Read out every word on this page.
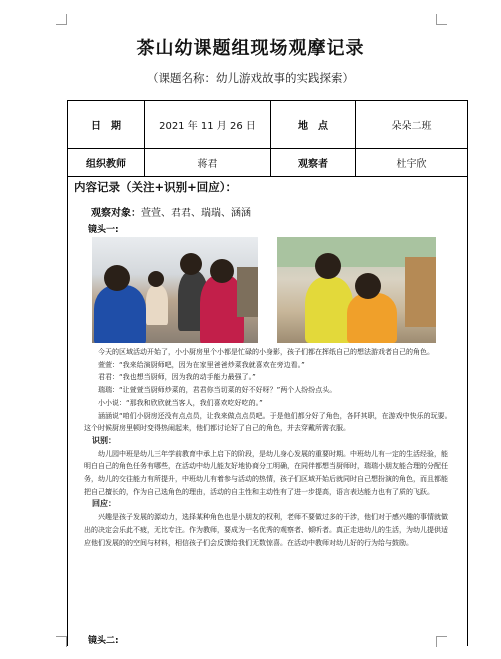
茶山幼课题组现场观摩记录
（课题名称：幼儿游戏故事的实践探索）
日　期	2021 年 11 月 26 日	地　点	朵朵二班
组织教师	蒋君	观察者	杜宇欣
内容记录（关注+识别+回应）：
观察对象：萱萱、君君、瑞瑞、涵涵
镜头一:

今天的区域活动开始了，小小厨房里个小都是忙碌的小身影，孩子们都在挥纸自己的想法游戏者自己的角色。

萱萱：“我来给演厨师吧，因为在家里爸爸炒菜我就喜欢在旁边看。”

君君：“我也想当厨师，因为我的动手能力最强了。”

瑞瑞：“让萱萱当厨师炒菜的，君君你当切菜的好不好呀？”两个人纷纷点头。

小小说：“那我和欣欣就当客人，我们喜欢吃好吃的。”

涵涵说“咱们小厨房还没有点点员，让我来做点点员吧。于是他们都分好了角色，各阡其职，在游戏中快乐的玩要。这个时候厨房里顿时变得热闹起来，他们都讨论好了自己的角色，并去穿戴所需衣服。

识别：

幼儿园中班是幼儿三年学前教育中承上启下的阶段，是幼儿身心发展的重要时期。中班幼儿有一定的生活经验，能明白自己的角色任务有哪些，在活动中幼儿能友好地协商分工明确，在同伴都想当厨师时，瑞瑞小朋友能合理的分配任务，幼儿的交往能力有所提升，中班幼儿有着参与活动的热情，孩子们区域开始后就同时自己想扮演的角色，而且都能把自己擅长的，作为自己选角色的理由，活动的自主性和主动性有了进一步提高，语言表达能力也有了质的飞跃。

回应：

兴趣是孩子发展的源动力，选择某种角色也是小朋友的权利，老师不要做过多的干涉，他们对于感兴趣的事情就做出的决定会乐此不疲，无比专注。作为教师，要成为一名优秀的观察者、倾听者。真正走进幼儿的生活，为幼儿提供适应他们发展的的空间与材料，相信孩子们会反馈给我们无数惊喜。在活动中教师对幼儿好的行为给与鼓励。

镜头二:
